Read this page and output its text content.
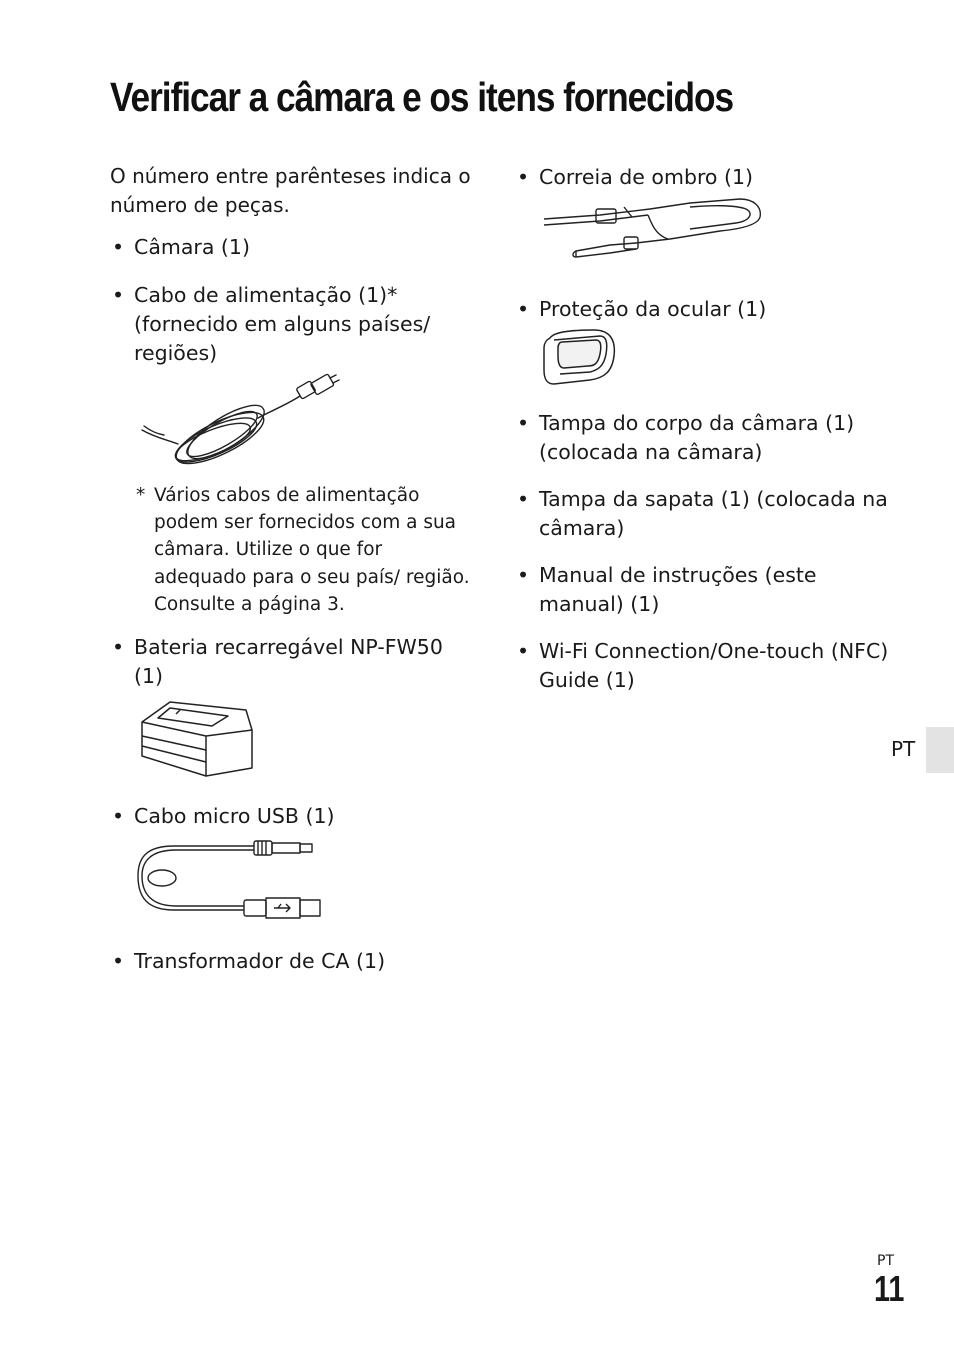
Verificar a câmara e os itens fornecidos
O número entre parênteses indica o número de peças.
• Câmara (1)
• Cabo de alimentação (1)* (fornecido em alguns países/ regiões)
* Vários cabos de alimentação podem ser fornecidos com a sua câmara. Utilize o que for adequado para o seu país/ região. Consulte a página 3.
• Bateria recarregável NP-FW50 (1)
• Cabo micro USB (1)
• Transformador de CA (1)
• Correia de ombro (1)
• Proteção da ocular (1)
• Tampa do corpo da câmara (1) (colocada na câmara)
• Tampa da sapata (1) (colocada na câmara)
• Manual de instruções (este manual) (1)
• Wi-Fi Connection/One-touch (NFC) Guide (1)
PT
PT
11
